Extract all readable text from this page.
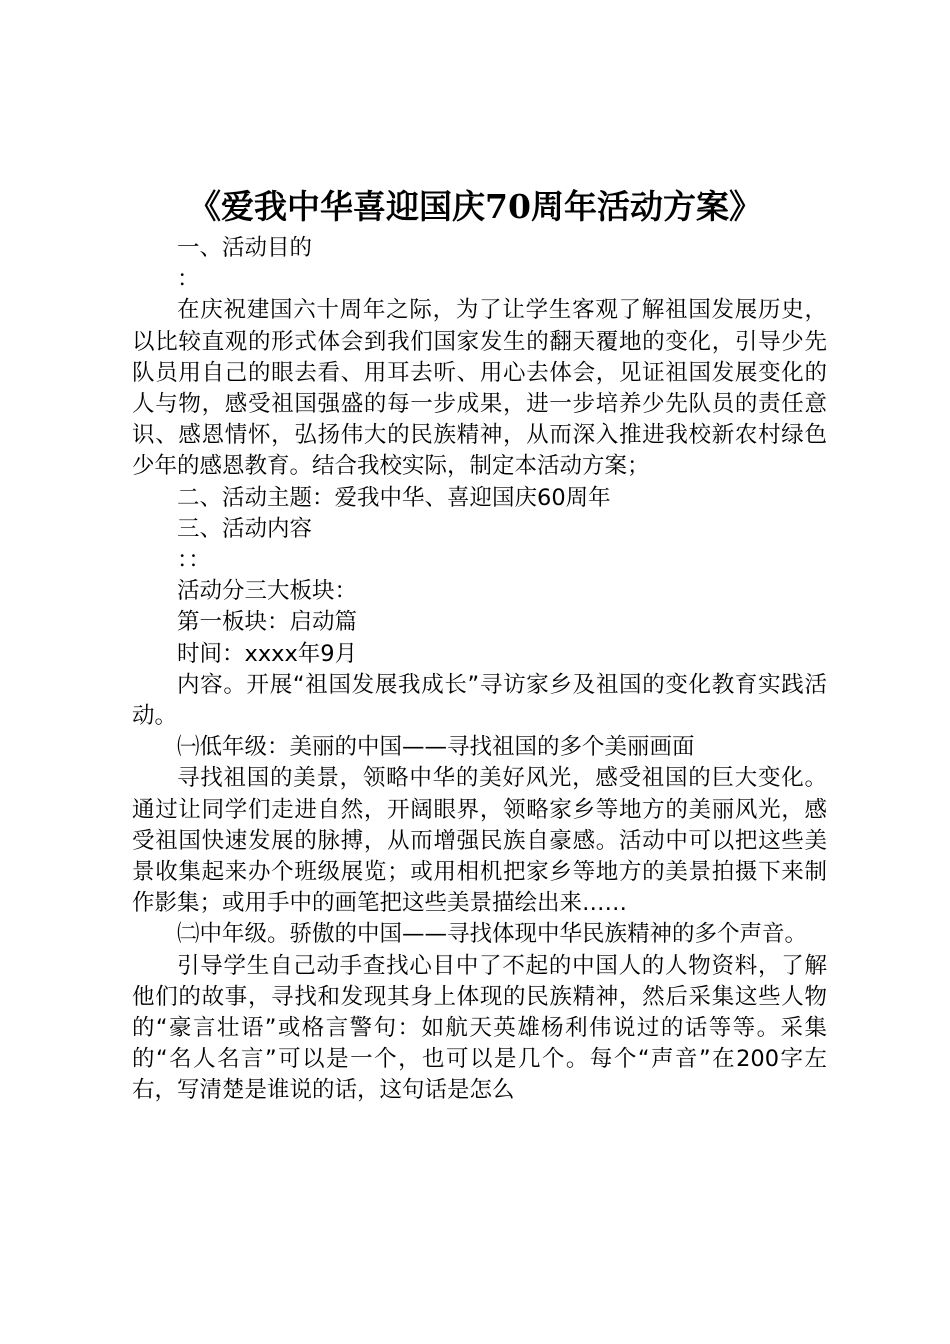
《爱我中华喜迎国庆70周年活动方案》

一、活动目的

：

在庆祝建国六十周年之际，为了让学生客观了解祖国发展历史，以比较直观的形式体会到我们国家发生的翻天覆地的变化，引导少先队员用自己的眼去看、用耳去听、用心去体会，见证祖国发展变化的人与物，感受祖国强盛的每一步成果，进一步培养少先队员的责任意识、感恩情怀，弘扬伟大的民族精神，从而深入推进我校新农村绿色少年的感恩教育。结合我校实际，制定本活动方案；

二、活动主题：爱我中华、喜迎国庆60周年

三、活动内容

：：

活动分三大板块：

第一板块：启动篇

时间：xxxx年9月

内容。开展“祖国发展我成长”寻访家乡及祖国的变化教育实践活动。

㈠低年级：美丽的中国——寻找祖国的多个美丽画面

寻找祖国的美景，领略中华的美好风光，感受祖国的巨大变化。通过让同学们走进自然，开阔眼界，领略家乡等地方的美丽风光，感受祖国快速发展的脉搏，从而增强民族自豪感。活动中可以把这些美景收集起来办个班级展览；或用相机把家乡等地方的美景拍摄下来制作影集；或用手中的画笔把这些美景描绘出来……

㈡中年级。骄傲的中国——寻找体现中华民族精神的多个声音。

引导学生自己动手查找心目中了不起的中国人的人物资料，了解他们的故事，寻找和发现其身上体现的民族精神，然后采集这些人物的“豪言壮语”或格言警句：如航天英雄杨利伟说过的话等等。采集的“名人名言”可以是一个，也可以是几个。每个“声音”在200字左右，写清楚是谁说的话，这句话是怎么
